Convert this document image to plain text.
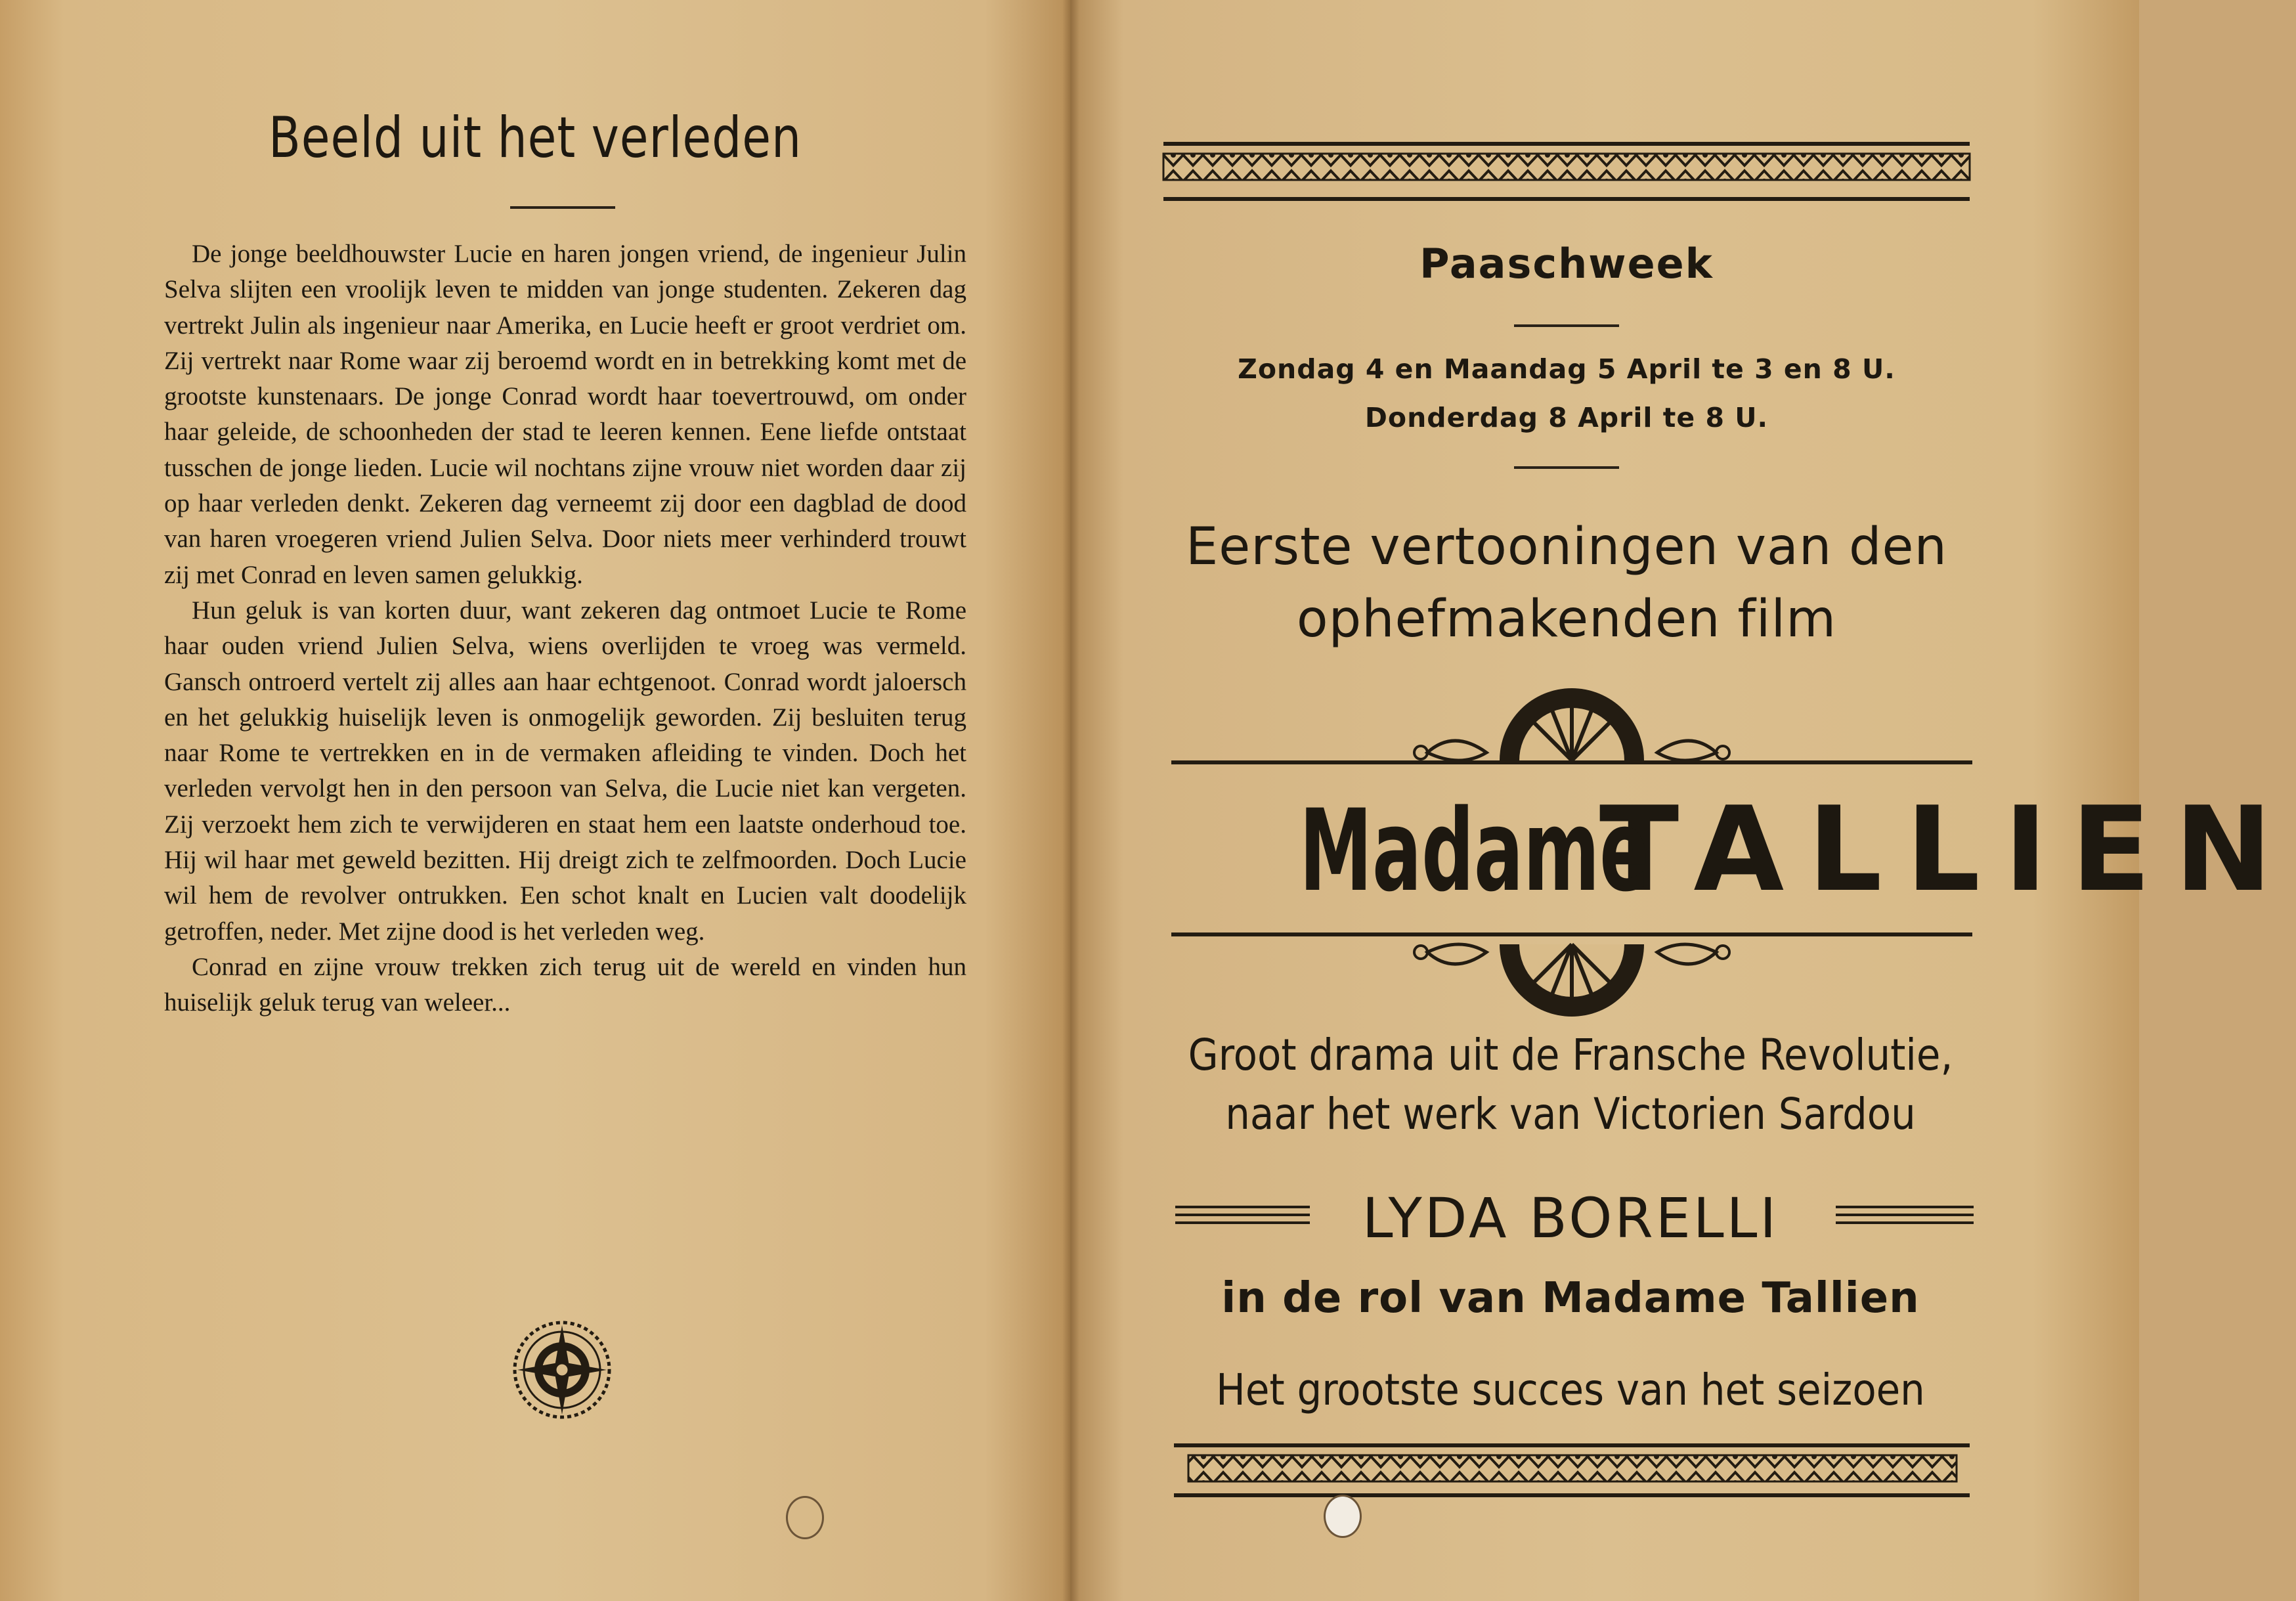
Beeld uit het verleden

De jonge beeldhouwster Lucie en haren jongen vriend, de ingenieur Julin Selva slijten een vroolijk leven te midden van jonge studenten. Zekeren dag vertrekt Julin als ingenieur naar Amerika, en Lucie heeft er groot verdriet om. Zij vertrekt naar Rome waar zij beroemd wordt en in betrekking komt met de grootste kunstenaars. De jonge Conrad wordt haar toevertrouwd, om onder haar geleide, de schoonheden der stad te leeren kennen. Eene liefde ontstaat tusschen de jonge lieden. Lucie wil nochtans zijne vrouw niet worden daar zij op haar verleden denkt. Zekeren dag verneemt zij door een dagblad de dood van haren vroegeren vriend Julien Selva. Door niets meer verhinderd trouwt zij met Conrad en leven samen gelukkig.

Hun geluk is van korten duur, want zekeren dag ontmoet Lucie te Rome haar ouden vriend Julien Selva, wiens overlijden te vroeg was vermeld. Gansch ontroerd vertelt zij alles aan haar echtgenoot. Conrad wordt jaloersch en het gelukkig huiselijk leven is onmogelijk geworden. Zij besluiten terug naar Rome te vertrekken en in de vermaken afleiding te vinden. Doch het verleden vervolgt hen in den persoon van Selva, die Lucie niet kan vergeten. Zij verzoekt hem zich te verwijderen en staat hem een laatste onderhoud toe. Hij wil haar met geweld bezitten. Hij dreigt zich te zelfmoorden. Doch Lucie wil hem de revolver ontrukken. Een schot knalt en Lucien valt doodelijk getroffen, neder. Met zijne dood is het verleden weg.

Conrad en zijne vrouw trekken zich terug uit de wereld en vinden hun huiselijk geluk terug van weleer...

Paaschweek
Zondag 4 en Maandag 5 April te 3 en 8 U.
Donderdag 8 April te 8 U.
Eerste vertooningen van den
ophefmakenden film
Madame TALLIEN
Groot drama uit de Fransche Revolutie,
naar het werk van Victorien Sardou
LYDA BORELLI
in de rol van Madame Tallien
Het grootste succes van het seizoen
